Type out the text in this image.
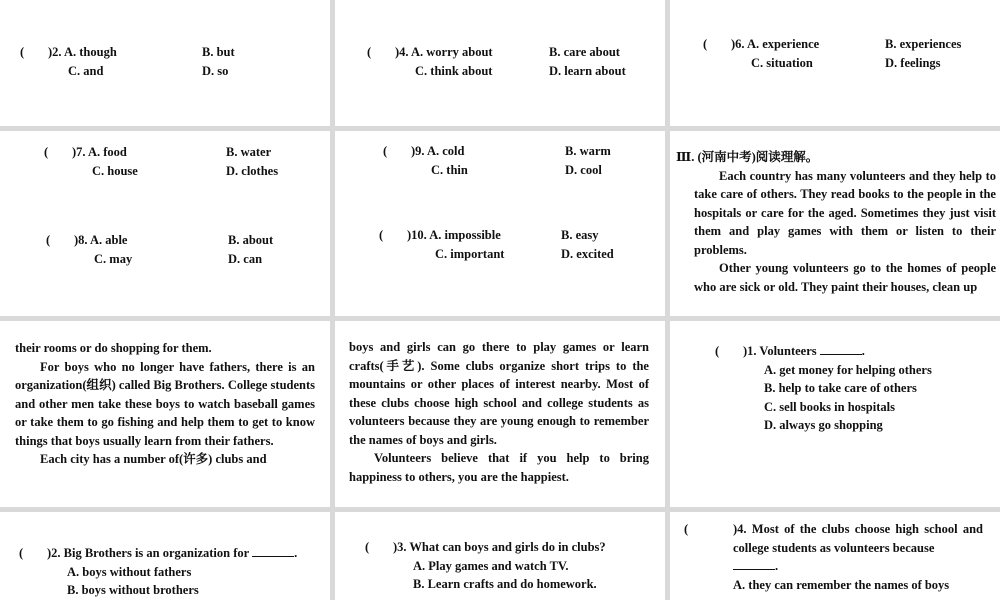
( )2. A. though	B. but
C. and	D. so
( )4. A. worry about	B. care about
C. think about	D. learn about
( )6. A. experience	B. experiences
C. situation	D. feelings
( )7. A. food	B. water
C. house	D. clothes
( )8. A. able	B. about
C. may	D. can
( )9. A. cold	B. warm
C. thin	D. cool
( )10. A. impossible	B. easy
C. important	D. excited
Ⅲ. (河南中考)阅读理解。

Each country has many volunteers and they help to take care of others. They read books to the people in the hospitals or care for the aged. Sometimes they just visit them and play games with them or listen to their problems.

Other young volunteers go to the homes of people who are sick or old. They paint their houses, clean up

their rooms or do shopping for them.

For boys who no longer have fathers, there is an organization(组织) called Big Brothers. College students and other men take these boys to watch baseball games or take them to go fishing and help them to get to know things that boys usually learn from their fathers.

Each city has a number of(许多) clubs and

boys and girls can go there to play games or learn crafts(手艺). Some clubs organize short trips to the mountains or other places of interest nearby. Most of these clubs choose high school and college students as volunteers because they are young enough to remember the names of boys and girls.

Volunteers believe that if you help to bring happiness to others, you are the happiest.

( )1. Volunteers	.
A. get money for helping others
B. help to take care of others
C. sell books in hospitals
D. always go shopping
( )2. Big Brothers is an organization for	.
A. boys without fathers
B. boys without brothers
( )3. What can boys and girls do in clubs?
A. Play games and watch TV.
B. Learn crafts and do homework.
(	)4. Most of the clubs choose high school and college students as volunteers because

.
A. they can remember the names of boys
